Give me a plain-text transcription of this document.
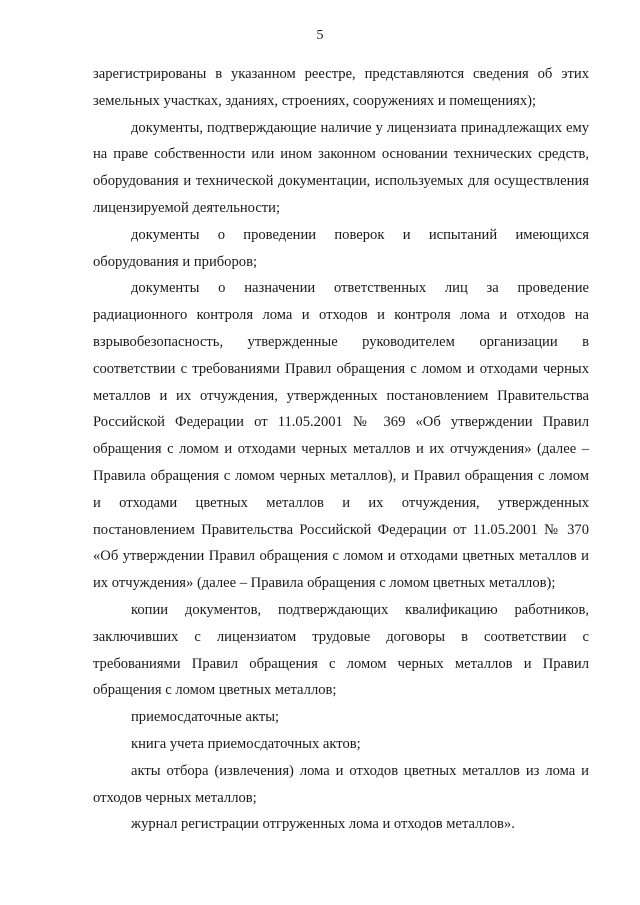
5

зарегистрированы в указанном реестре, представляются сведения об этих земельных участках, зданиях, строениях, сооружениях и помещениях);

документы, подтверждающие наличие у лицензиата принадлежащих ему на праве собственности или ином законном основании технических средств, оборудования и технической документации, используемых для осуществления лицензируемой деятельности;

документы о проведении поверок и испытаний имеющихся оборудования и приборов;

документы о назначении ответственных лиц за проведение радиационного контроля лома и отходов и контроля лома и отходов на взрывобезопасность, утвержденные руководителем организации в соответствии с требованиями Правил обращения с ломом и отходами черных металлов и их отчуждения, утвержденных постановлением Правительства Российской Федерации от 11.05.2001 № 369 «Об утверждении Правил обращения с ломом и отходами черных металлов и их отчуждения» (далее – Правила обращения с ломом черных металлов), и Правил обращения с ломом и отходами цветных металлов и их отчуждения, утвержденных постановлением Правительства Российской Федерации от 11.05.2001 № 370 «Об утверждении Правил обращения с ломом и отходами цветных металлов и их отчуждения» (далее – Правила обращения с ломом цветных металлов);

копии документов, подтверждающих квалификацию работников, заключивших с лицензиатом трудовые договоры в соответствии с требованиями Правил обращения с ломом черных металлов и Правил обращения с ломом цветных металлов;

приемосдаточные акты;

книга учета приемосдаточных актов;

акты отбора (извлечения) лома и отходов цветных металлов из лома и отходов черных металлов;

журнал регистрации отгруженных лома и отходов металлов».
